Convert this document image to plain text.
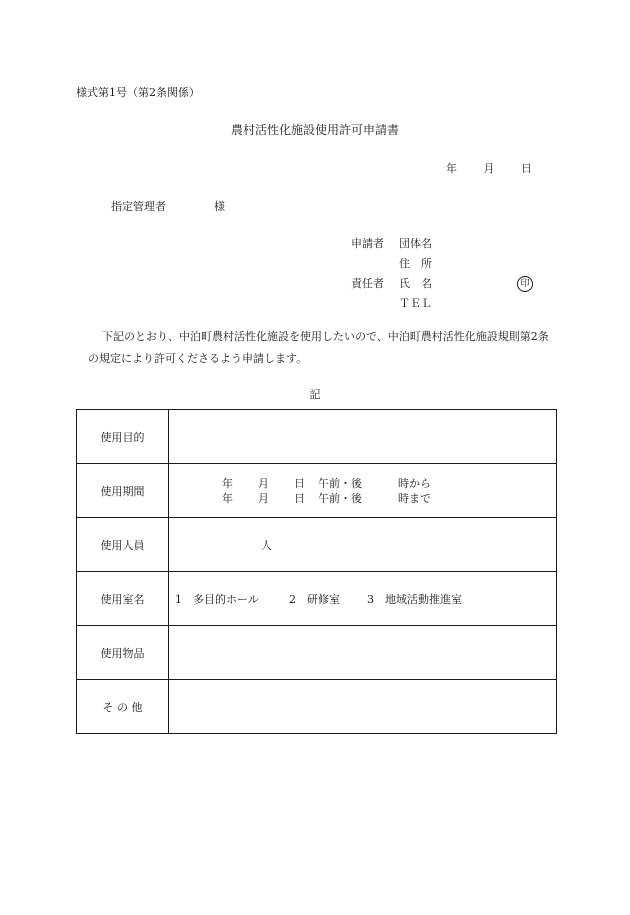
様式第1号（第2条関係）
農村活性化施設使用許可申請書
年 月 日
指定管理者	様
申請者	団体名
住　所
責任者	氏　名	印
ＴＥＬ
下記のとおり、中泊町農村活性化施設を使用したいので、中泊町農村活性化施設規則第2条の規定により許可くださるよう申請します。
記
使用目的	
使用期間	年 月 日 午前・後 時から
年 月 日 午前・後 時まで

使用人員	人
使用室名	1 多目的ホール 2 研修室 3 地域活動推進室
使用物品	
そ の 他	
